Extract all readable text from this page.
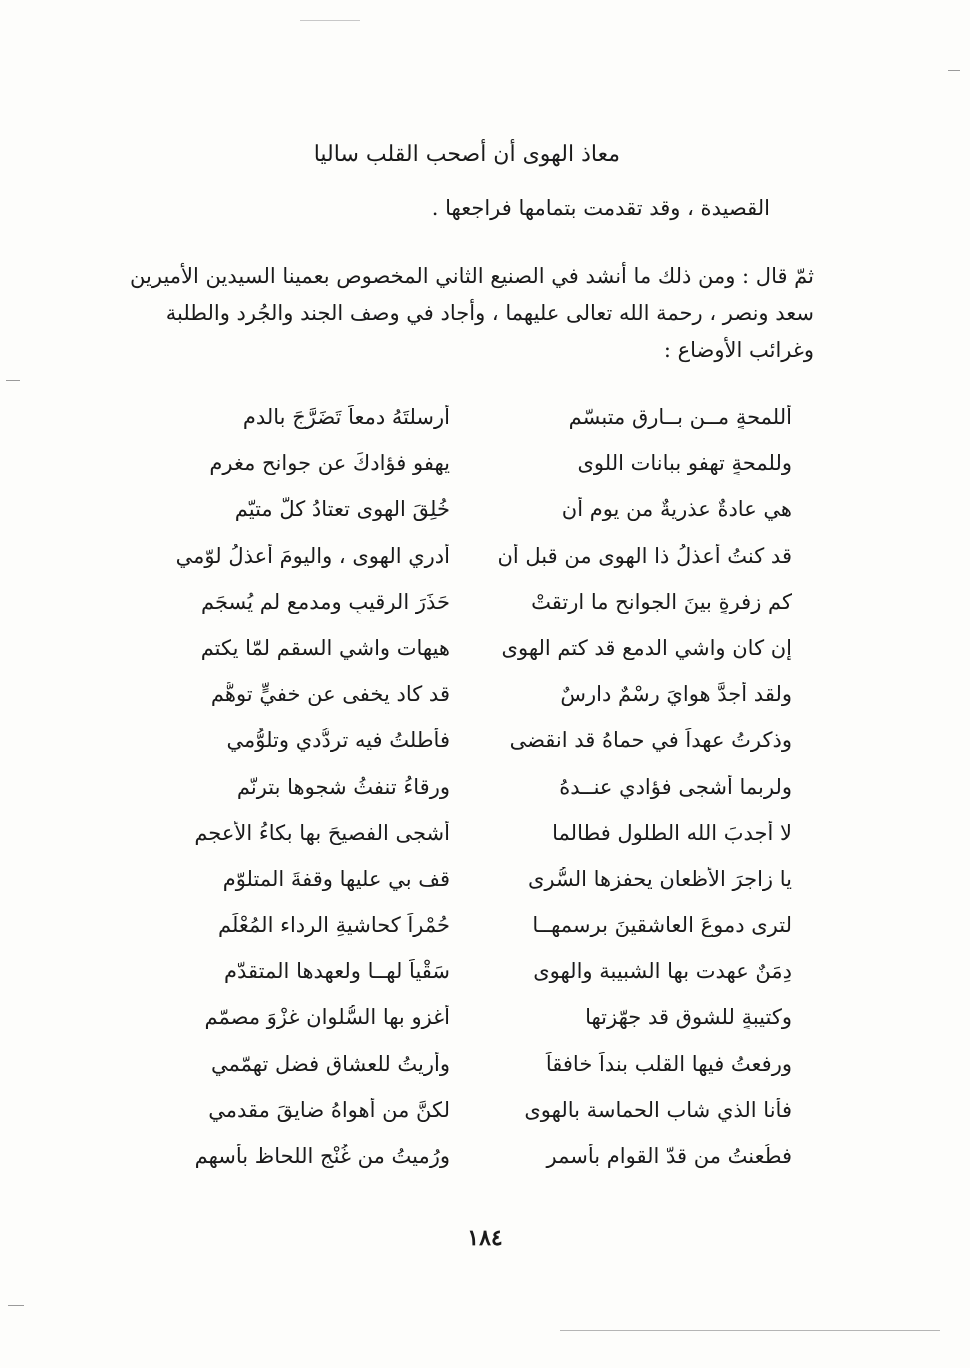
معاذ الهوى أن أصحب القلب ساليا
القصيدة ، وقد تقدمت بتمامها فراجعها .
ثمّ قال : ومن ذلك ما أنشد في الصنيع الثاني المخصوص بعمينا السيدين الأميرين
سعد ونصر ، رحمة الله تعالى عليهما ، وأجاد في وصف الجند والجُرد والطلبة
وغرائب الأوضاع :
أللمحةٍ مــن بــارقٍ متبسّمِ
أرسلتَهُ دمعاً تَضَرَّجَ بالدمِ
وللمحةٍ تهفو ببانات اللوى
يهفو فؤادكَ عن جوانح مغرمِ
هي عادةٌ عذريةٌ من يوم أن
خُلِقَ الهوى تعتادُ كلَّ متيّمِ
قد كنتُ أعذلُ ذا الهوى من قبل أن
أدري الهوى ، واليومَ أعذلُ لوّمي
كم زفرةٍ بينَ الجوانحِ ما ارتقتْ
حَذَرَ الرقيبِ ومدمعٍ لم يُسجَمِ
إن كان واشي الدمع قد كتم الهوى
هيهات واشي السقمِ لمّا يكتمِ
ولقد أجدَّ هوايَ رسْمٌ دارسٌ
قد كاد يخفى عن خفيٍّ توهُّمِ
وذكرتُ عهداً في حماهُ قد انقضى
فأطلتُ فيه تردُّدي وتلوُّمي
ولربما أشجى فؤادي عنــدهُ
ورقاءُ تنفثُ شجوها بترنّمِ
لا أجدبَ الله الطلول فطالما
أشجى الفصيحَ بها بكاءُ الأعجمِ
يا زاجرَ الأظعانِ يحفزها السُّرى
قف بي عليها وقفةَ المتلوّمِ
لترى دموعَ العاشقينَ برسمهــا
حُمْراً كحاشيةِ الرداء المُعْلَمِ
دِمَنٌ عهدت بها الشبيبة والهوى
سَقْياً لهــا ولعهدها المتقدّمِ
وكتيبةٍ للشوقِ قد جهّزتها
أغزو بها السُّلوان غزْوَ مصمّمِ
ورفعتُ فيها القلب بنداً خافقاً
وأريتُ للعشاق فضل تهمّمي
فأنا الذي شاب الحماسة بالهوى
لكنَّ من أهواهُ ضايقَ مقدمي
فطُعنتُ من قدّ القوام بأسمرٍ
ورُميتُ من غُنْجِ اللحاظ بأسهمِ
١٨٤
